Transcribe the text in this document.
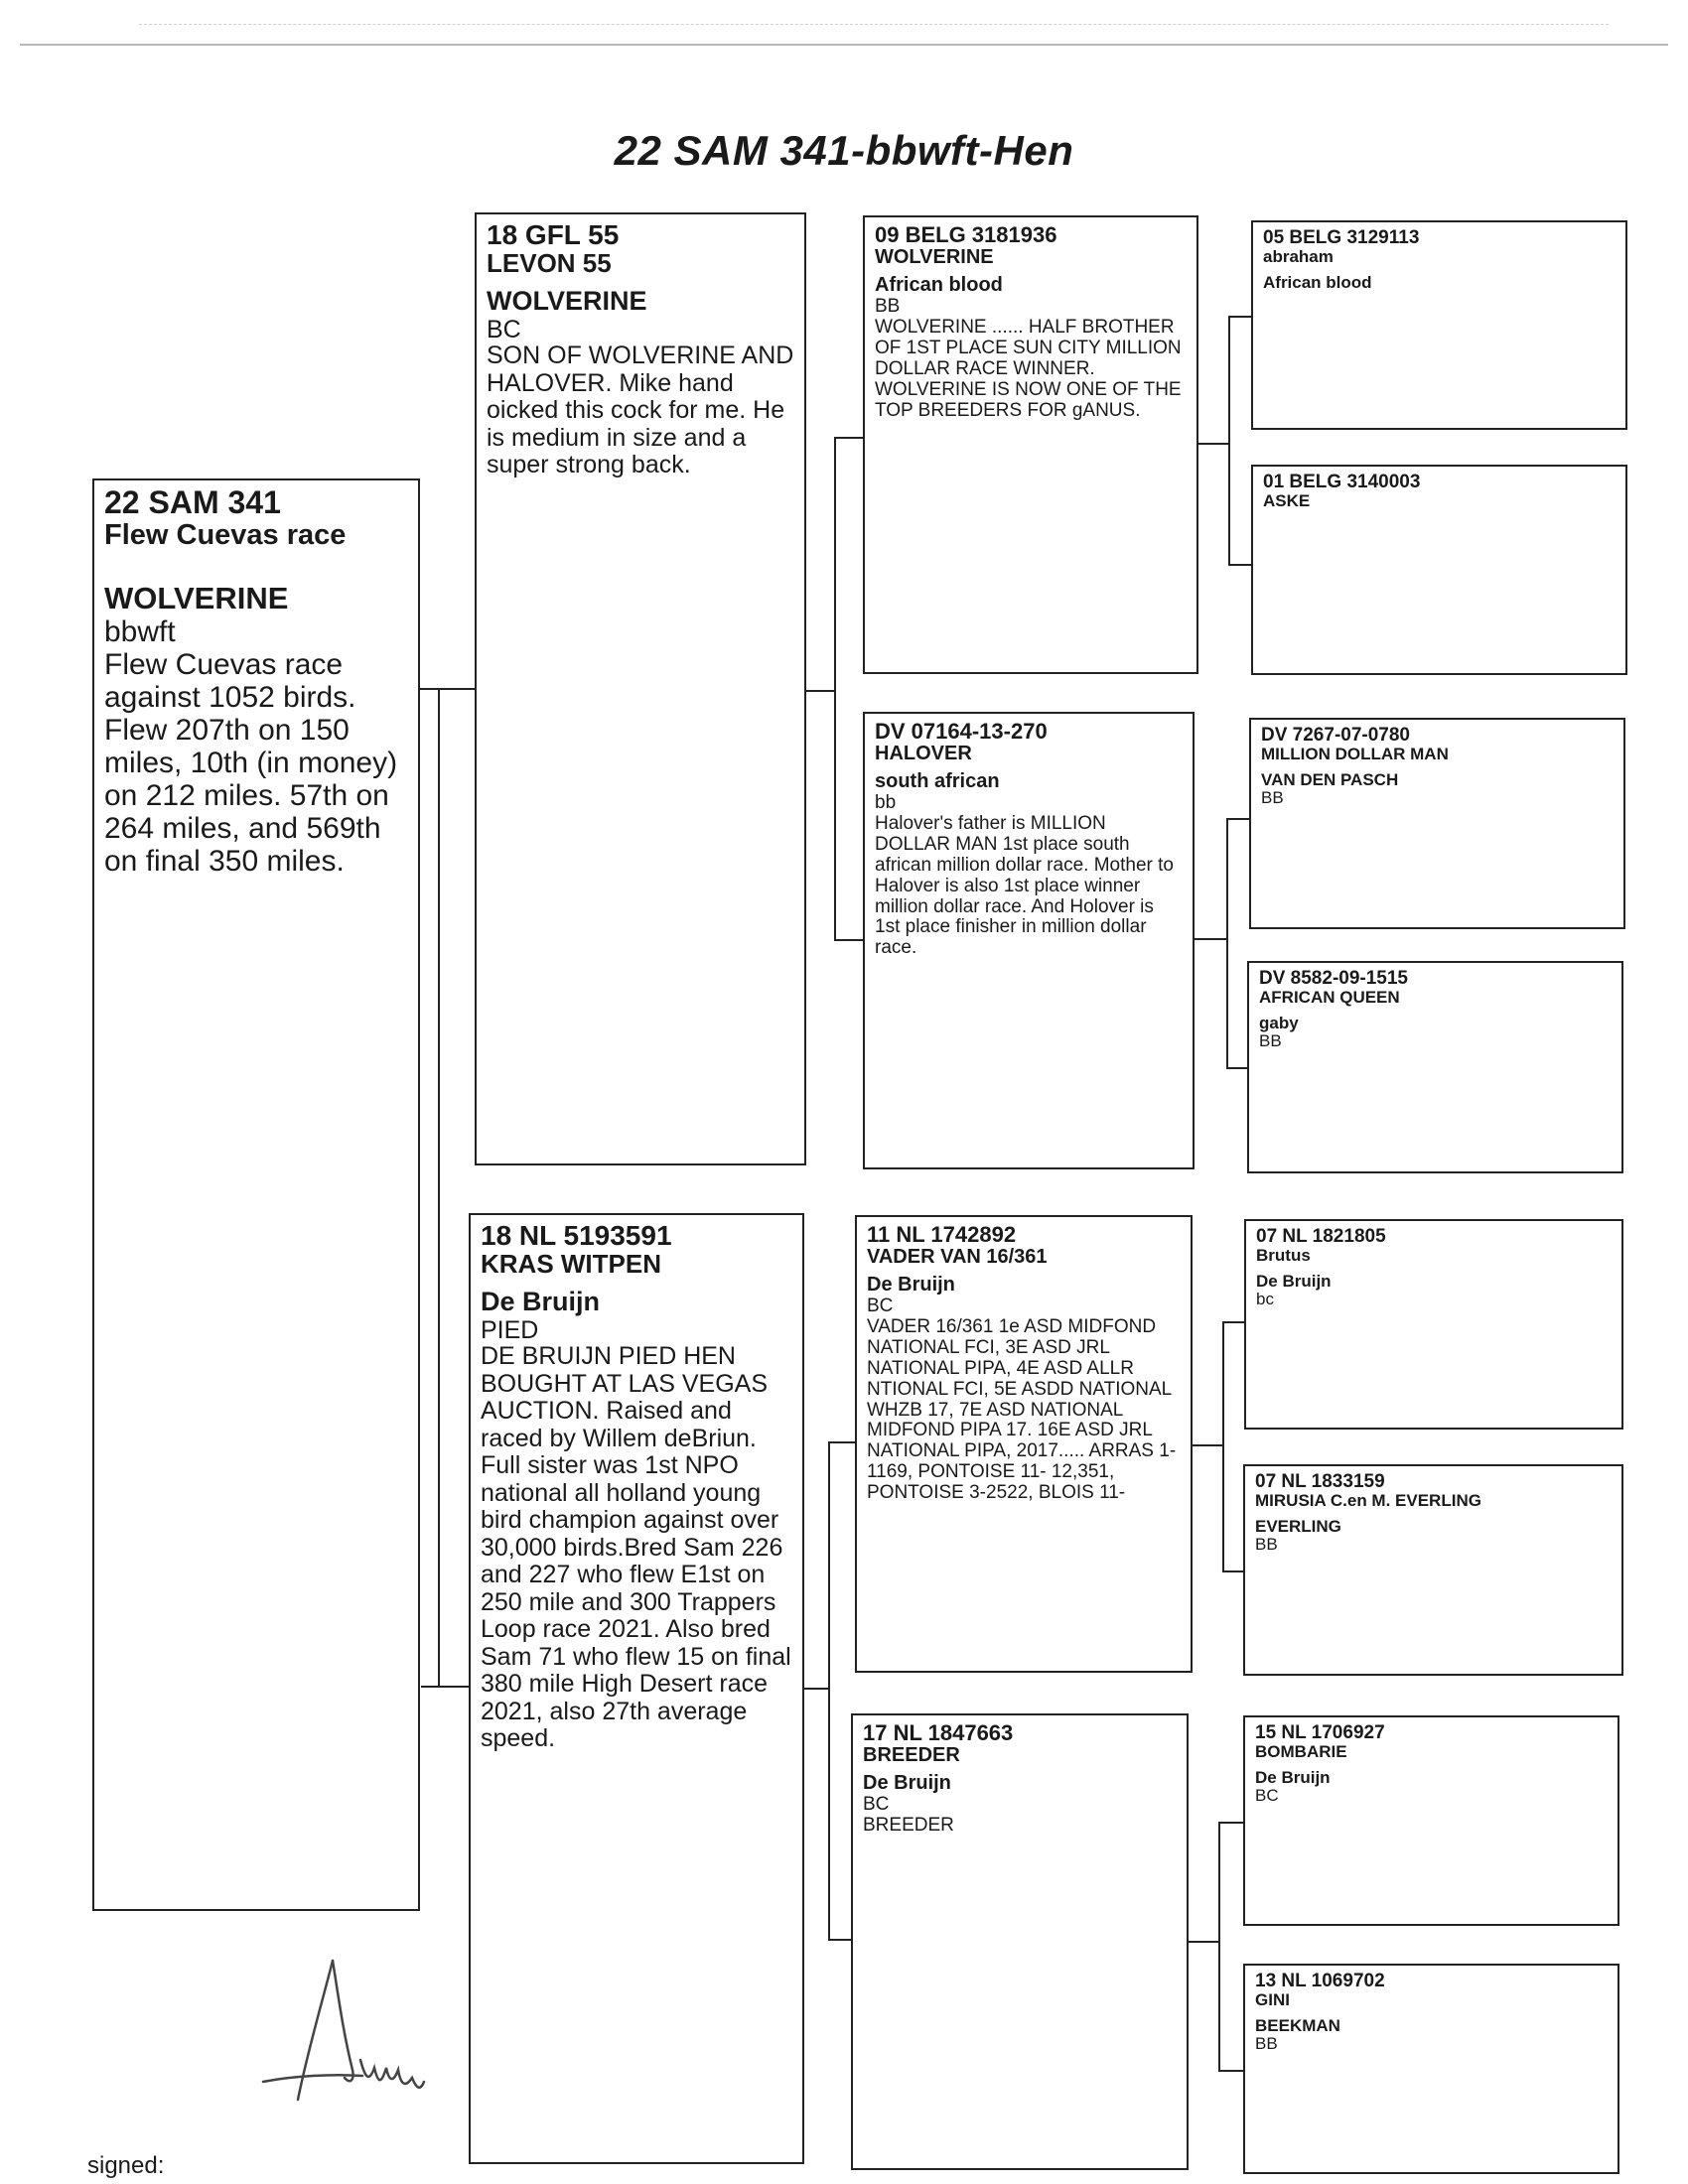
22 SAM 341-bbwft-Hen
22 SAM 341
Flew Cuevas race
WOLVERINE
bbwft
Flew Cuevas race against 1052 birds. Flew 207th on 150 miles, 10th (in money) on 212 miles. 57th on 264 miles, and 569th on final 350 miles.
18 GFL 55
LEVON 55
WOLVERINE
BC
SON OF WOLVERINE AND HALOVER. Mike hand oicked this cock for me. He is medium in size and a super strong back.
18 NL 5193591
KRAS WITPEN
De Bruijn
PIED
DE BRUIJN PIED HEN BOUGHT AT LAS VEGAS AUCTION. Raised and raced by Willem deBriun. Full sister was 1st NPO national all holland young bird champion against over 30,000 birds.Bred Sam 226 and 227 who flew E1st on 250 mile and 300 Trappers Loop race 2021. Also bred Sam 71 who flew 15 on final 380 mile High Desert race 2021, also 27th average speed.
09 BELG 3181936
WOLVERINE
African blood
BB
WOLVERINE ...... HALF BROTHER OF 1ST PLACE SUN CITY MILLION DOLLAR RACE WINNER. WOLVERINE IS NOW ONE OF THE TOP BREEDERS FOR gANUS.
DV 07164-13-270
HALOVER
south african
bb
Halover's father is MILLION DOLLAR MAN 1st place south african million dollar race. Mother to Halover is also 1st place winner million dollar race. And Holover is 1st place finisher in million dollar race.
11 NL 1742892
VADER VAN 16/361
De Bruijn
BC
VADER 16/361 1e ASD MIDFOND NATIONAL FCI, 3E ASD JRL NATIONAL PIPA, 4E ASD ALLR NTIONAL FCI, 5E ASDD NATIONAL WHZB 17, 7E ASD NATIONAL MIDFOND PIPA 17. 16E ASD JRL NATIONAL PIPA, 2017..... ARRAS 1-1169, PONTOISE 11- 12,351, PONTOISE 3-2522, BLOIS 11-
17 NL 1847663
BREEDER
De Bruijn
BC
BREEDER
05 BELG 3129113
abraham
African blood
01 BELG 3140003
ASKE
DV 7267-07-0780
MILLION DOLLAR MAN
VAN DEN PASCH
BB
DV 8582-09-1515
AFRICAN QUEEN
gaby
BB
07 NL 1821805
Brutus
De Bruijn
bc
07 NL 1833159
MIRUSIA C.en M. EVERLING
EVERLING
BB
15 NL 1706927
BOMBARIE
De Bruijn
BC
13 NL 1069702
GINI
BEEKMAN
BB
signed:
